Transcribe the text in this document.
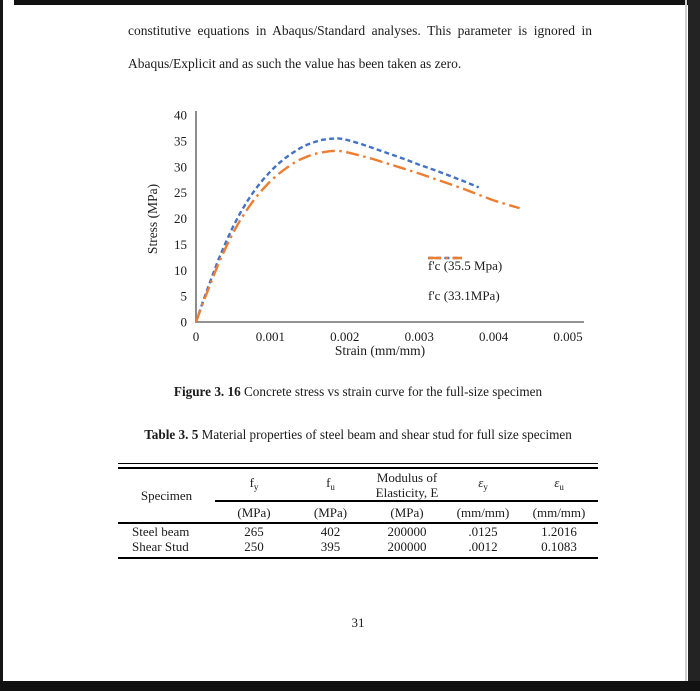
constitutive equations in Abaqus/Standard analyses. This parameter is ignored in
Abaqus/Explicit and as such the value has been taken as zero.
0
5
10
15
20
25
30
35
40
0	0.001	0.002	0.003	0.004	0.005
Stress (MPa)
Strain (mm/mm)
f'c (35.5 Mpa)
f'c (33.1MPa)
Figure 3. 16 Concrete stress vs strain curve for the full-size specimen
Table 3. 5 Material properties of steel beam and shear stud for full size specimen
Specimen	$f_y$	$f_u$	Modulus of Elasticity, E	$\varepsilon_y$	$\varepsilon_u$
	(MPa)	(MPa)	(MPa)	(mm/mm)	(mm/mm)
Steel beam	265	402	200000	.0125	1.2016
Shear Stud	250	395	200000	.0012	0.1083
31
